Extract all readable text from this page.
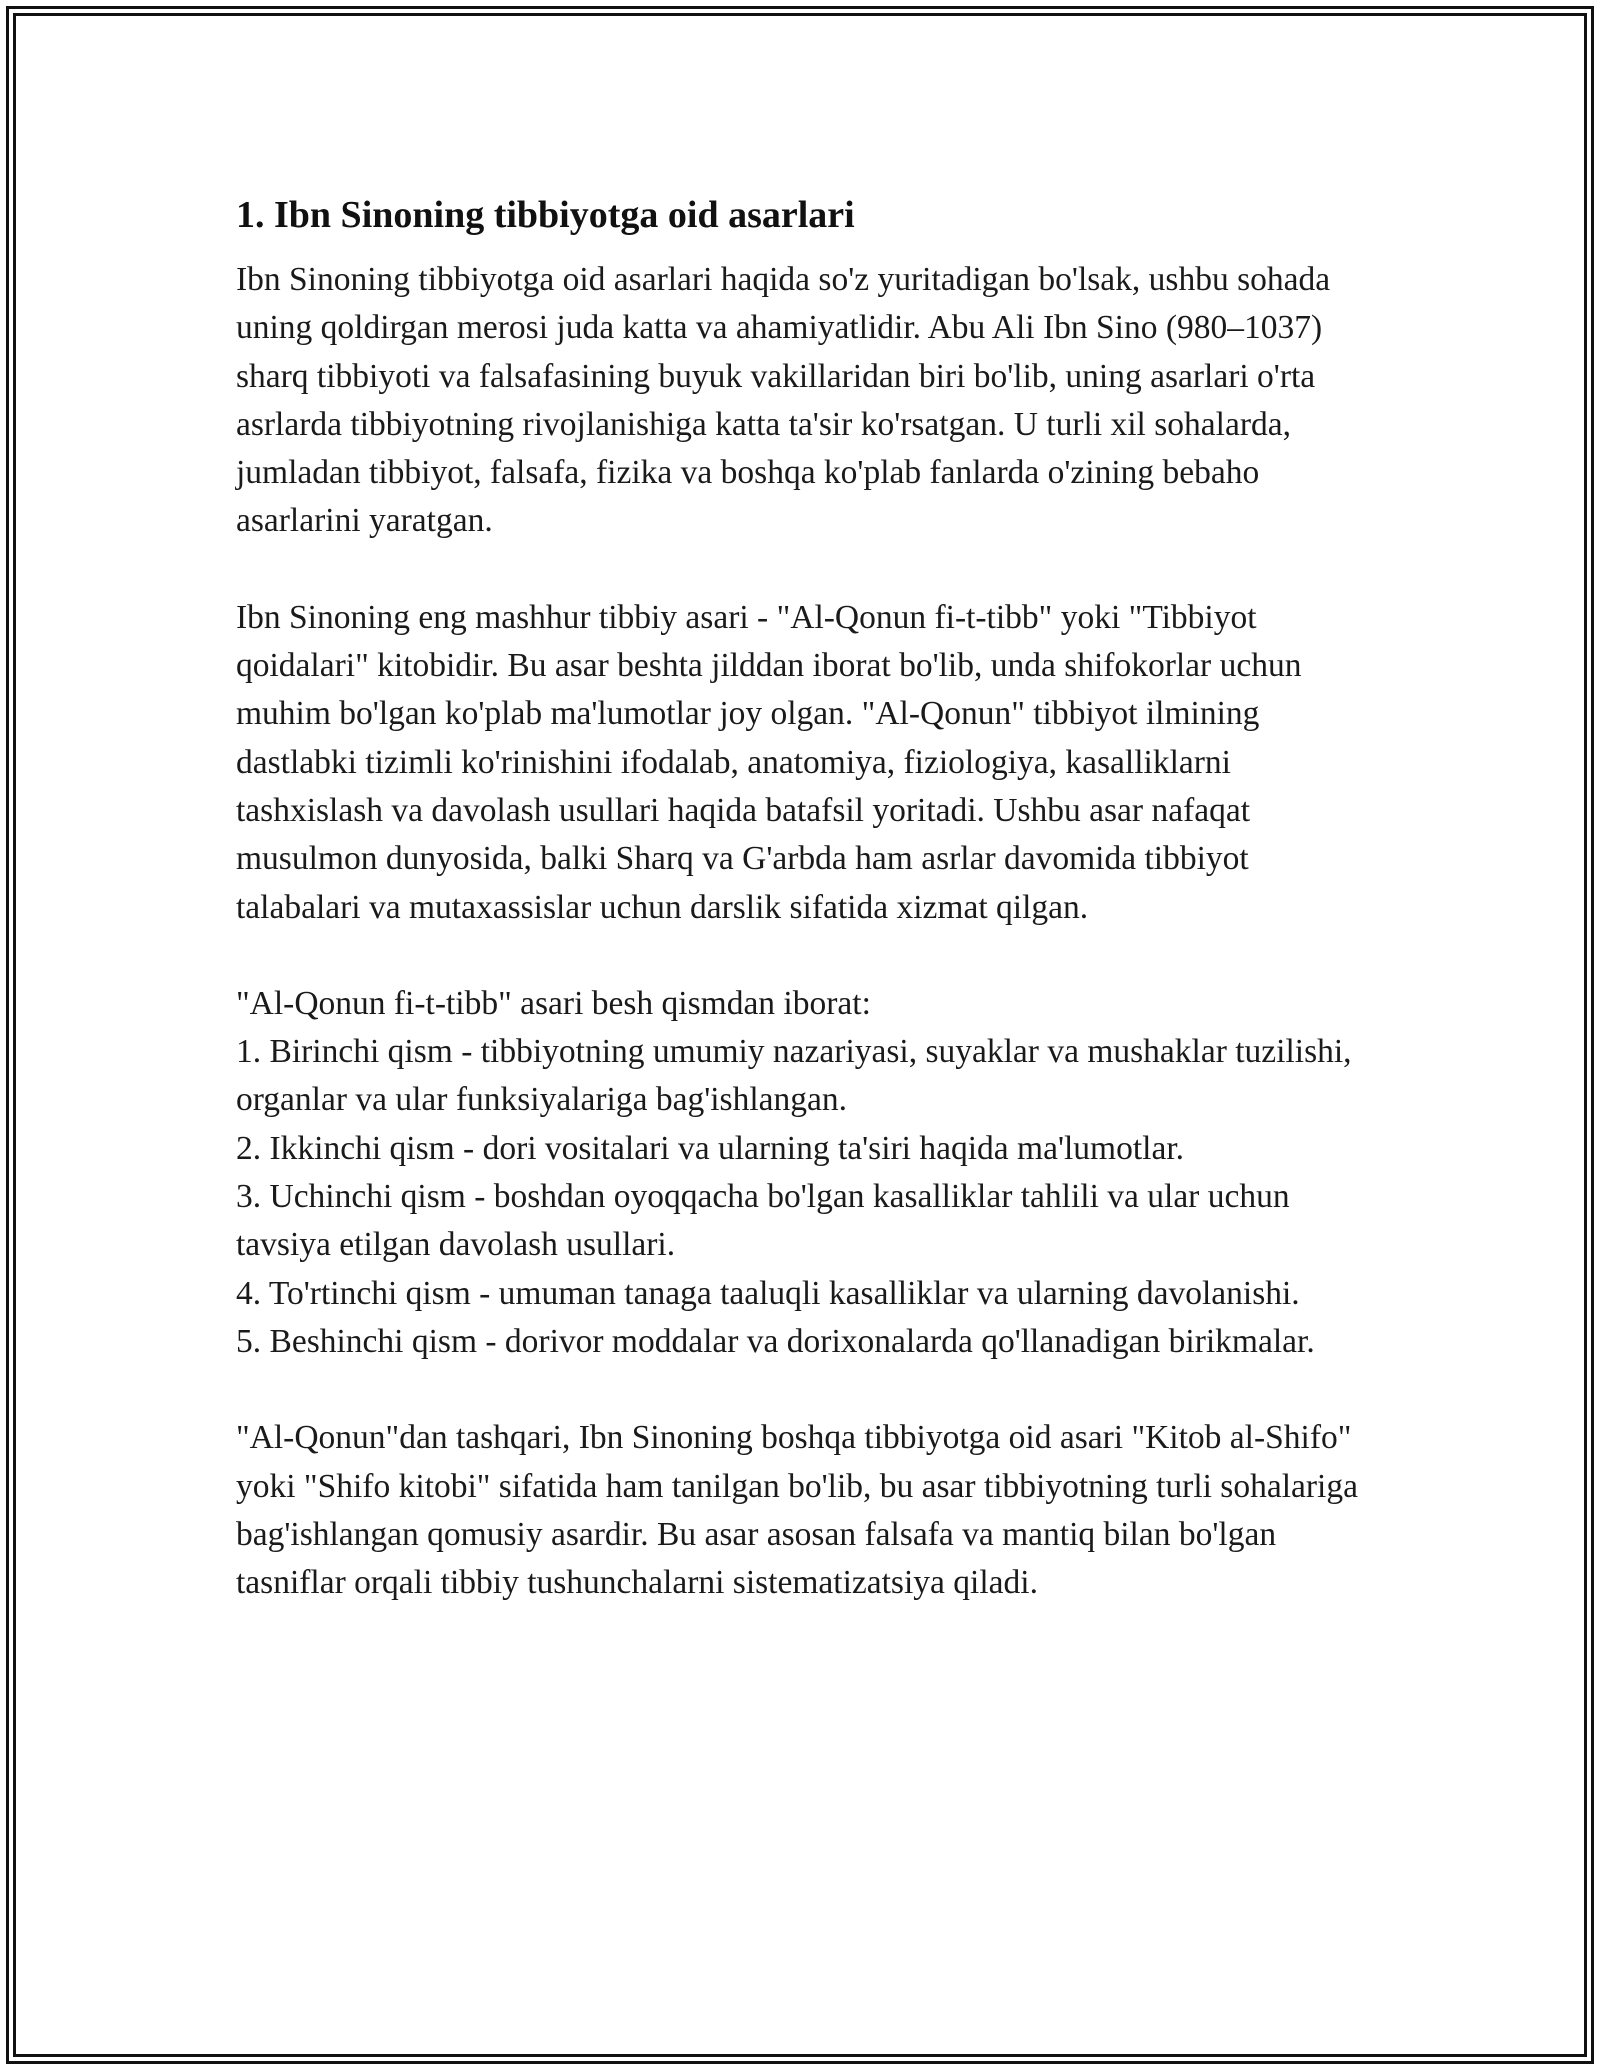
1. Ibn Sinoning tibbiyotga oid asarlari

Ibn Sinoning tibbiyotga oid asarlari haqida so'z yuritadigan bo'lsak, ushbu sohada uning qoldirgan merosi juda katta va ahamiyatlidir. Abu Ali Ibn Sino (980–1037) sharq tibbiyoti va falsafasining buyuk vakillaridan biri bo'lib, uning asarlari o'rta asrlarda tibbiyotning rivojlanishiga katta ta'sir ko'rsatgan. U turli xil sohalarda, jumladan tibbiyot, falsafa, fizika va boshqa ko'plab fanlarda o'zining bebaho asarlarini yaratgan.

Ibn Sinoning eng mashhur tibbiy asari - "Al-Qonun fi-t-tibb" yoki "Tibbiyot qoidalari" kitobidir. Bu asar beshta jilddan iborat bo'lib, unda shifokorlar uchun muhim bo'lgan ko'plab ma'lumotlar joy olgan. "Al-Qonun" tibbiyot ilmining dastlabki tizimli ko'rinishini ifodalab, anatomiya, fiziologiya, kasalliklarni tashxislash va davolash usullari haqida batafsil yoritadi. Ushbu asar nafaqat musulmon dunyosida, balki Sharq va G'arbda ham asrlar davomida tibbiyot talabalari va mutaxassislar uchun darslik sifatida xizmat qilgan.

"Al-Qonun fi-t-tibb" asari besh qismdan iborat:

1. Birinchi qism - tibbiyotning umumiy nazariyasi, suyaklar va mushaklar tuzilishi, organlar va ular funksiyalariga bag'ishlangan.

2. Ikkinchi qism - dori vositalari va ularning ta'siri haqida ma'lumotlar.

3. Uchinchi qism - boshdan oyoqqacha bo'lgan kasalliklar tahlili va ular uchun tavsiya etilgan davolash usullari.

4. To'rtinchi qism - umuman tanaga taaluqli kasalliklar va ularning davolanishi.

5. Beshinchi qism - dorivor moddalar va dorixonalarda qo'llanadigan birikmalar.

"Al-Qonun"dan tashqari, Ibn Sinoning boshqa tibbiyotga oid asari "Kitob al-Shifo" yoki "Shifo kitobi" sifatida ham tanilgan bo'lib, bu asar tibbiyotning turli sohalariga bag'ishlangan qomusiy asardir. Bu asar asosan falsafa va mantiq bilan bo'lgan tasniflar orqali tibbiy tushunchalarni sistematizatsiya qiladi.
